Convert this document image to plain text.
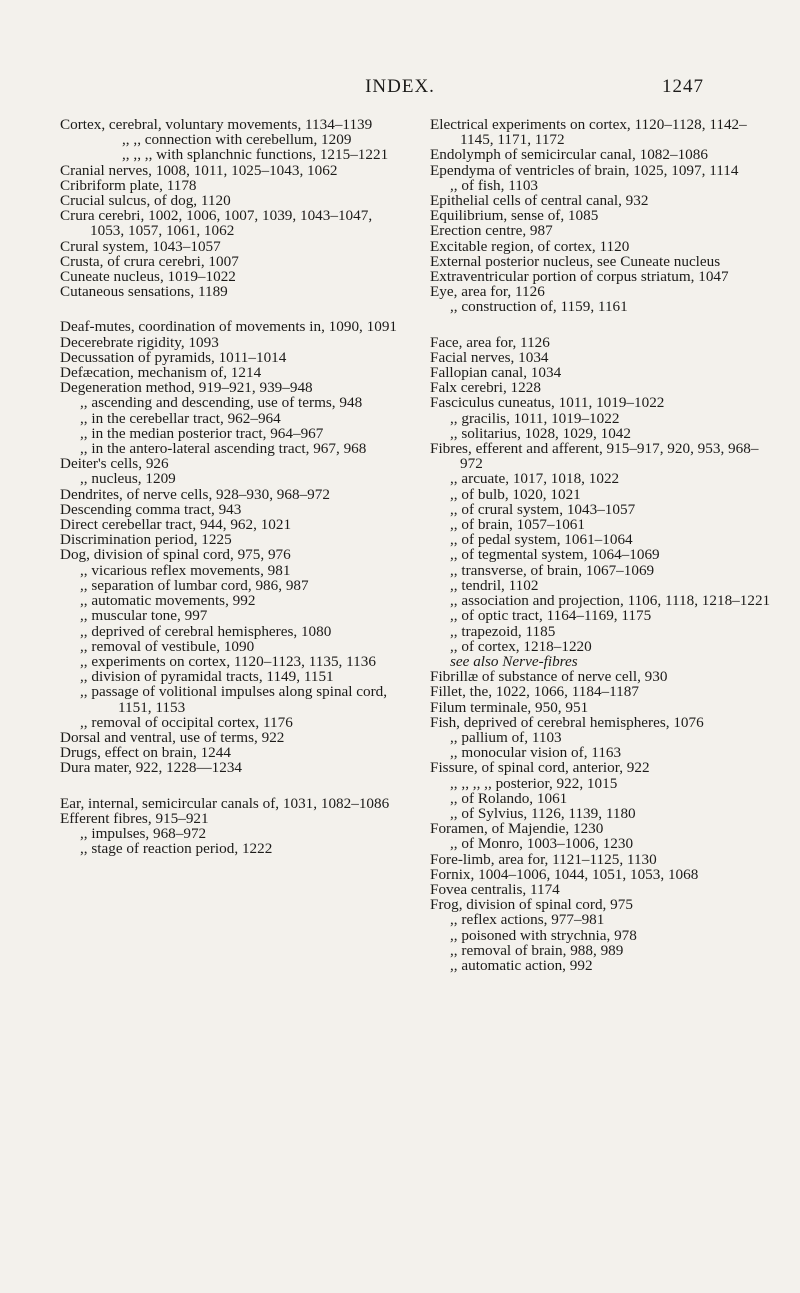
INDEX.	1247
Cortex, cerebral, voluntary movements, 1134–1139
,, ,, connection with cerebellum, 1209
,, ,, ,, with splanchnic functions, 1215–1221
Cranial nerves, 1008, 1011, 1025–1043, 1062
Cribriform plate, 1178
Crucial sulcus, of dog, 1120
Crura cerebri, 1002, 1006, 1007, 1039, 1043–1047, 1053, 1057, 1061, 1062
Crural system, 1043–1057
Crusta, of crura cerebri, 1007
Cuneate nucleus, 1019–1022
Cutaneous sensations, 1189
Deaf-mutes, coordination of movements in, 1090, 1091
Decerebrate rigidity, 1093
Decussation of pyramids, 1011–1014
Defæcation, mechanism of, 1214
Degeneration method, 919–921, 939–948
,, ascending and descending, use of terms, 948
,, in the cerebellar tract, 962–964
,, in the median posterior tract, 964–967
,, in the antero-lateral ascending tract, 967, 968
Deiter's cells, 926
,, nucleus, 1209
Dendrites, of nerve cells, 928–930, 968–972
Descending comma tract, 943
Direct cerebellar tract, 944, 962, 1021
Discrimination period, 1225
Dog, division of spinal cord, 975, 976
,, vicarious reflex movements, 981
,, separation of lumbar cord, 986, 987
,, automatic movements, 992
,, muscular tone, 997
,, deprived of cerebral hemispheres, 1080
,, removal of vestibule, 1090
,, experiments on cortex, 1120–1123, 1135, 1136
,, division of pyramidal tracts, 1149, 1151
,, passage of volitional impulses along spinal cord, 1151, 1153
,, removal of occipital cortex, 1176
Dorsal and ventral, use of terms, 922
Drugs, effect on brain, 1244
Dura mater, 922, 1228—1234
Ear, internal, semicircular canals of, 1031, 1082–1086
Efferent fibres, 915–921
,, impulses, 968–972
,, stage of reaction period, 1222
Electrical experiments on cortex, 1120–1128, 1142–1145, 1171, 1172
Endolymph of semicircular canal, 1082–1086
Ependyma of ventricles of brain, 1025, 1097, 1114
,, of fish, 1103
Epithelial cells of central canal, 932
Equilibrium, sense of, 1085
Erection centre, 987
Excitable region, of cortex, 1120
External posterior nucleus, see Cuneate nucleus
Extraventricular portion of corpus striatum, 1047
Eye, area for, 1126
,, construction of, 1159, 1161
Face, area for, 1126
Facial nerves, 1034
Fallopian canal, 1034
Falx cerebri, 1228
Fasciculus cuneatus, 1011, 1019–1022
,, gracilis, 1011, 1019–1022
,, solitarius, 1028, 1029, 1042
Fibres, efferent and afferent, 915–917, 920, 953, 968–972
,, arcuate, 1017, 1018, 1022
,, of bulb, 1020, 1021
,, of crural system, 1043–1057
,, of brain, 1057–1061
,, of pedal system, 1061–1064
,, of tegmental system, 1064–1069
,, transverse, of brain, 1067–1069
,, tendril, 1102
,, association and projection, 1106, 1118, 1218–1221
,, of optic tract, 1164–1169, 1175
,, trapezoid, 1185
,, of cortex, 1218–1220
see also Nerve-fibres
Fibrillæ of substance of nerve cell, 930
Fillet, the, 1022, 1066, 1184–1187
Filum terminale, 950, 951
Fish, deprived of cerebral hemispheres, 1076
,, pallium of, 1103
,, monocular vision of, 1163
Fissure, of spinal cord, anterior, 922
,, ,, ,, ,, posterior, 922, 1015
,, of Rolando, 1061
,, of Sylvius, 1126, 1139, 1180
Foramen, of Majendie, 1230
,, of Monro, 1003–1006, 1230
Fore-limb, area for, 1121–1125, 1130
Fornix, 1004–1006, 1044, 1051, 1053, 1068
Fovea centralis, 1174
Frog, division of spinal cord, 975
,, reflex actions, 977–981
,, poisoned with strychnia, 978
,, removal of brain, 988, 989
,, automatic action, 992
